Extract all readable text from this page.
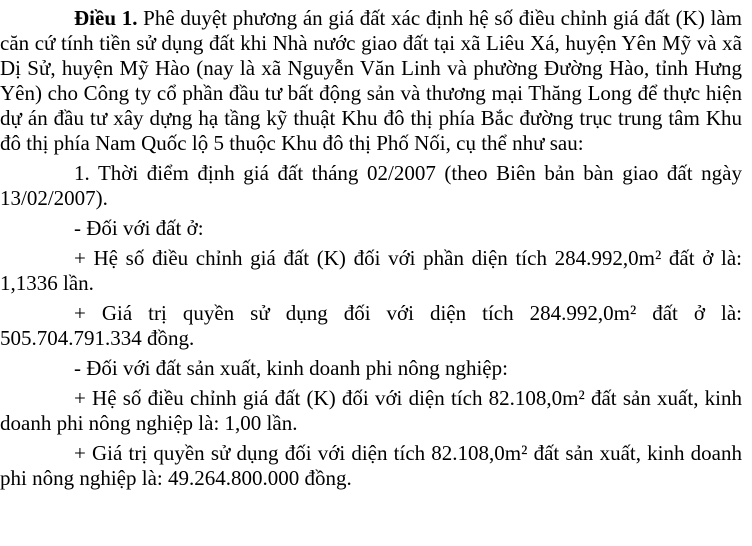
Điều 1. Phê duyệt phương án giá đất xác định hệ số điều chỉnh giá đất (K) làm căn cứ tính tiền sử dụng đất khi Nhà nước giao đất tại xã Liêu Xá, huyện Yên Mỹ và xã Dị Sử, huyện Mỹ Hào (nay là xã Nguyễn Văn Linh và phường Đường Hào, tỉnh Hưng Yên) cho Công ty cổ phần đầu tư bất động sản và thương mại Thăng Long để thực hiện dự án đầu tư xây dựng hạ tầng kỹ thuật Khu đô thị phía Bắc đường trục trung tâm Khu đô thị phía Nam Quốc lộ 5 thuộc Khu đô thị Phố Nối, cụ thể như sau:

1. Thời điểm định giá đất tháng 02/2007 (theo Biên bản bàn giao đất ngày 13/02/2007).

- Đối với đất ở:

+ Hệ số điều chỉnh giá đất (K) đối với phần diện tích 284.992,0m² đất ở là: 1,1336 lần.

+ Giá trị quyền sử dụng đối với diện tích 284.992,0m² đất ở là: 505.704.791.334 đồng.

- Đối với đất sản xuất, kinh doanh phi nông nghiệp:

+ Hệ số điều chỉnh giá đất (K) đối với diện tích 82.108,0m² đất sản xuất, kinh doanh phi nông nghiệp là: 1,00 lần.

+ Giá trị quyền sử dụng đối với diện tích 82.108,0m² đất sản xuất, kinh doanh phi nông nghiệp là: 49.264.800.000 đồng.
